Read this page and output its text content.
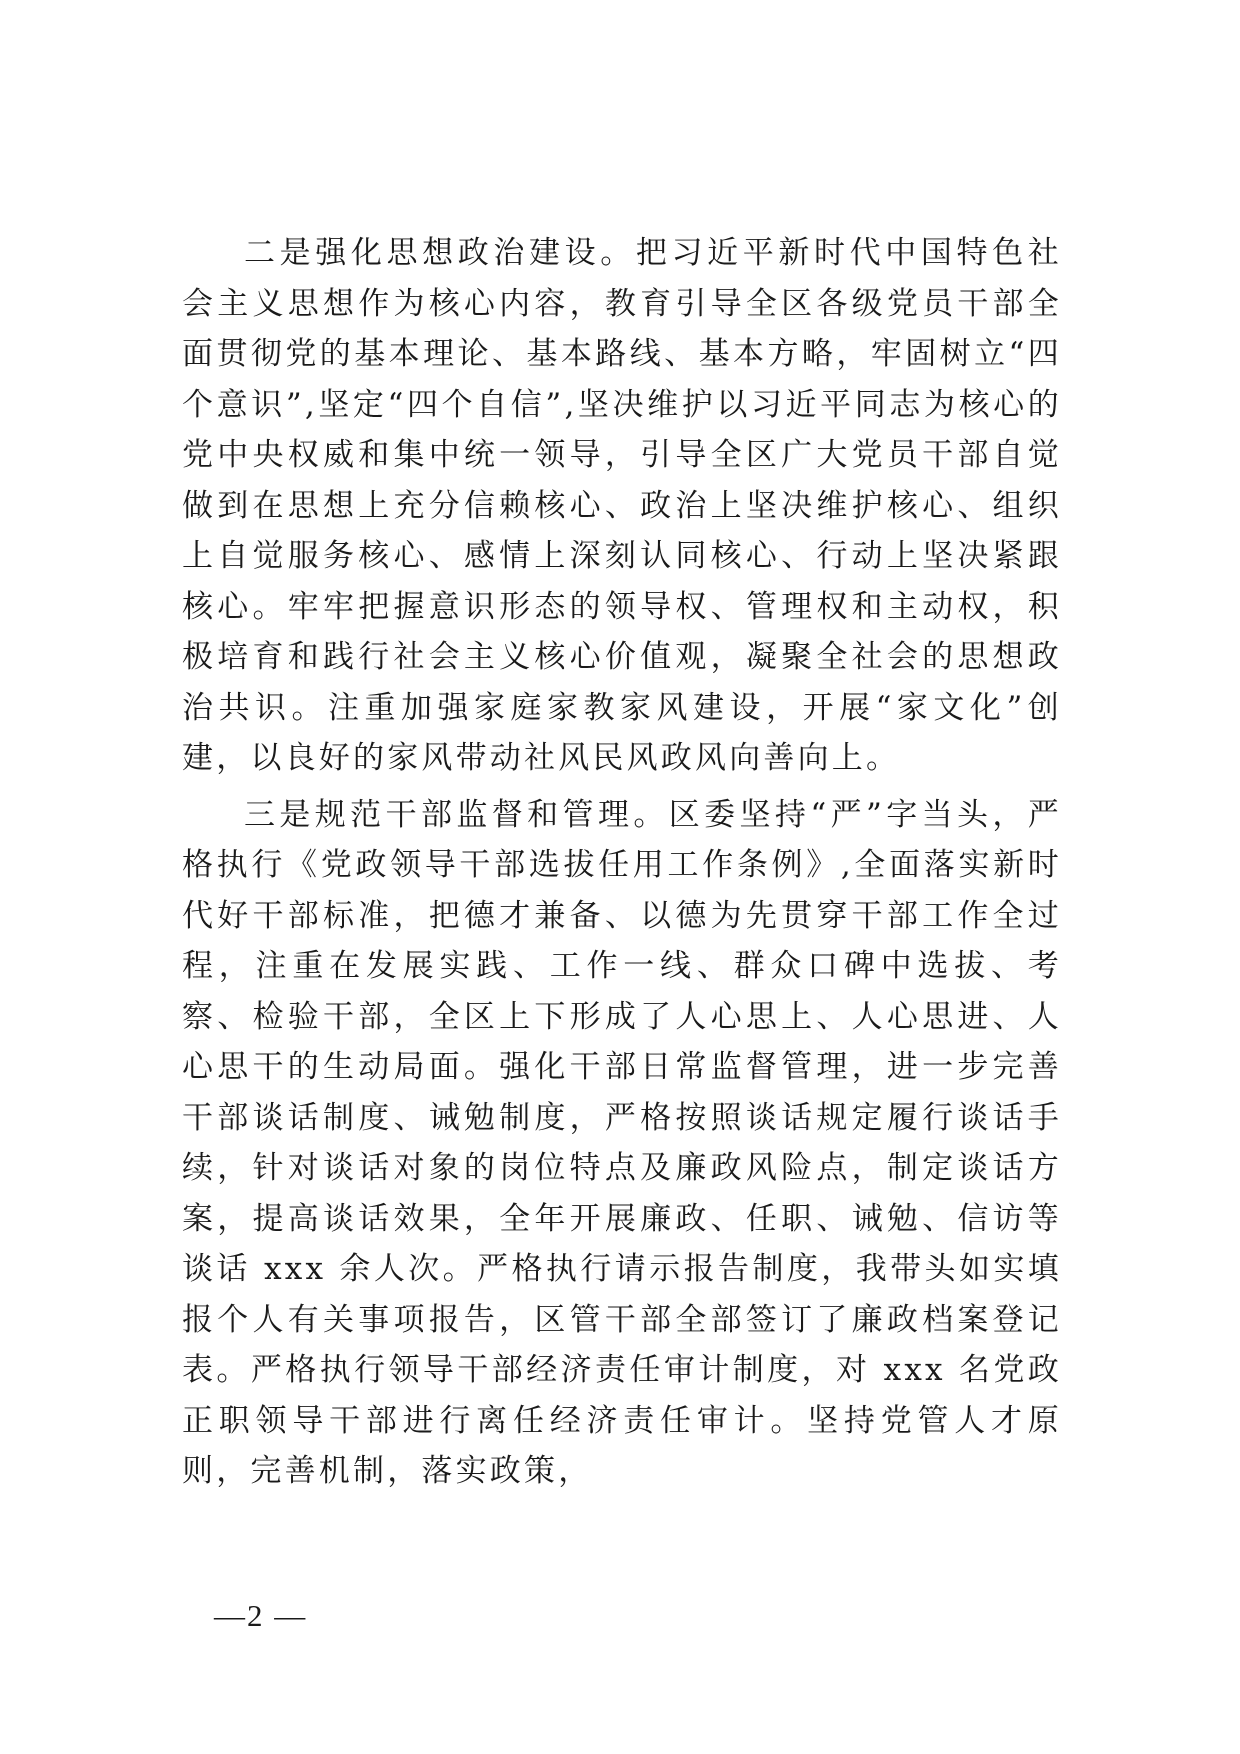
二是强化思想政治建设。把习近平新时代中国特色社会主义思想作为核心内容，教育引导全区各级党员干部全面贯彻党的基本理论、基本路线、基本方略，牢固树立“四个意识”,坚定“四个自信”,坚决维护以习近平同志为核心的党中央权威和集中统一领导，引导全区广大党员干部自觉做到在思想上充分信赖核心、政治上坚决维护核心、组织上自觉服务核心、感情上深刻认同核心、行动上坚决紧跟核心。牢牢把握意识形态的领导权、管理权和主动权，积极培育和践行社会主义核心价值观，凝聚全社会的思想政治共识。注重加强家庭家教家风建设，开展“家文化”创建，以良好的家风带动社风民风政风向善向上。

三是规范干部监督和管理。区委坚持“严”字当头，严格执行《党政领导干部选拔任用工作条例》,全面落实新时代好干部标准，把德才兼备、以德为先贯穿干部工作全过程，注重在发展实践、工作一线、群众口碑中选拔、考察、检验干部，全区上下形成了人心思上、人心思进、人心思干的生动局面。强化干部日常监督管理，进一步完善干部谈话制度、诫勉制度，严格按照谈话规定履行谈话手续，针对谈话对象的岗位特点及廉政风险点，制定谈话方案，提高谈话效果，全年开展廉政、任职、诫勉、信访等谈话 xxx 余人次。严格执行请示报告制度，我带头如实填报个人有关事项报告，区管干部全部签订了廉政档案登记表。严格执行领导干部经济责任审计制度，对 xxx 名党政正职领导干部进行离任经济责任审计。坚持党管人才原则，完善机制，落实政策，

—2 —
